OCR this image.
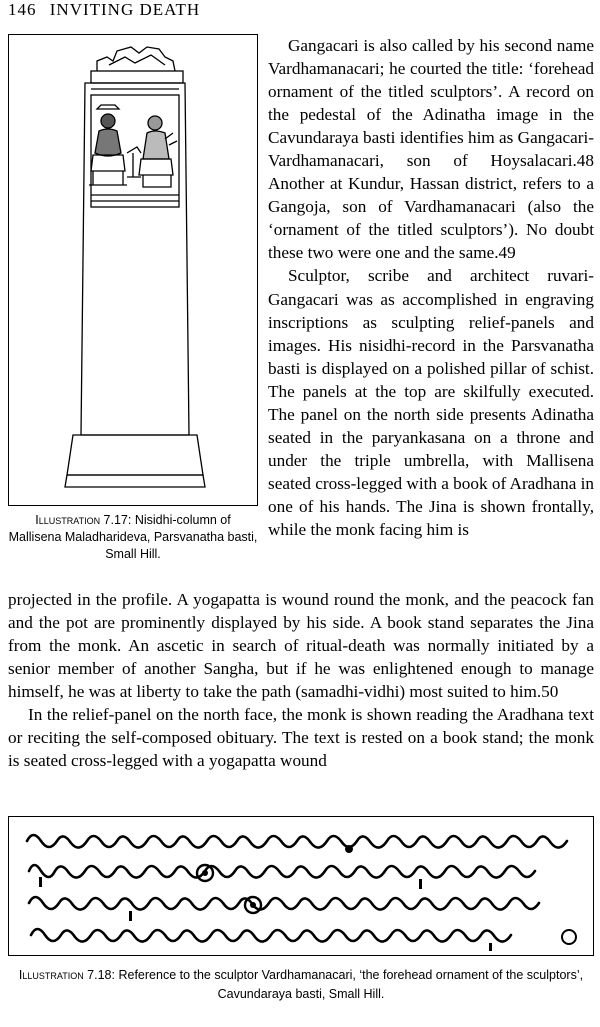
146 INVITING DEATH
Illustration 7.17: Nisidhi-column of Mallisena Maladharideva, Parsvanatha basti, Small Hill.

Gangacari is also called by his second name Vardhamanacari; he courted the title: ‘forehead ornament of the titled sculptors’. A record on the pedestal of the Adinatha image in the Cavundaraya basti identifies him as Gangacari-Vardhamanacari, son of Hoysalacari.48 Another at Kundur, Hassan district, refers to a Gangoja, son of Vardhamanacari (also the ‘ornament of the titled sculptors’). No doubt these two were one and the same.49

Sculptor, scribe and architect ruvari-Gangacari was as accomplished in engraving inscriptions as sculpting relief-panels and images. His nisidhi-record in the Parsvanatha basti is displayed on a polished pillar of schist. The panels at the top are skilfully executed. The panel on the north side presents Adinatha seated in the paryankasana on a throne and under the triple umbrella, with Mallisena seated cross-legged with a book of Aradhana in one of his hands. The Jina is shown frontally, while the monk facing him is

projected in the profile. A yogapatta is wound round the monk, and the peacock fan and the pot are prominently displayed by his side. A book stand separates the Jina from the monk. An ascetic in search of ritual-death was normally initiated by a senior member of another Sangha, but if he was enlightened enough to manage himself, he was at liberty to take the path (samadhi-vidhi) most suited to him.50

In the relief-panel on the north face, the monk is shown reading the Aradhana text or reciting the self-composed obituary. The text is rested on a book stand; the monk is seated cross-legged with a yogapatta wound

Illustration 7.18: Reference to the sculptor Vardhamanacari, ‘the forehead ornament of the sculptors’, Cavundaraya basti, Small Hill.
